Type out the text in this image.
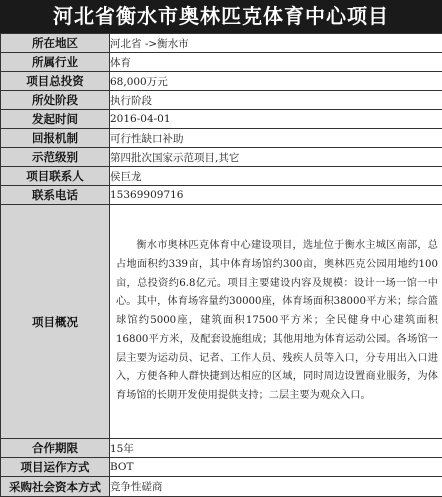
河北省衡水市奥林匹克体育中心项目
所在地区	河北省 ->衡水市
所属行业	体育
项目总投资	68,000万元
所处阶段	执行阶段
发起时间	2016-04-01
回报机制	可行性缺口补助
示范级别	第四批次国家示范项目,其它
项目联系人	侯巨龙
联系电话	15369909716
项目概况	衡水市奥林匹克体育中心建设项目，选址位于衡水主城区南部，总占地面积约339亩，其中体育场馆约300亩，奥林匹克公园用地约100亩，总投资约6.8亿元。项目主要建设内容及规模：设计一场一馆一中心。其中，体育场容量约30000座，体育场面积38000平方米；综合篮球馆约5000座，建筑面积17500平方米；全民健身中心建筑面积16800平方米，及配套设施组成；其他用地为体育运动公园。各场馆一层主要为运动员、记者、工作人员、残疾人员等入口，分专用出入口进入，方便各种人群快捷到达相应的区域，同时周边设置商业服务，为体育场馆的长期开发使用提供支持；二层主要为观众入口。
合作期限	15年
项目运作方式	BOT
采购社会资本方式	竞争性磋商
